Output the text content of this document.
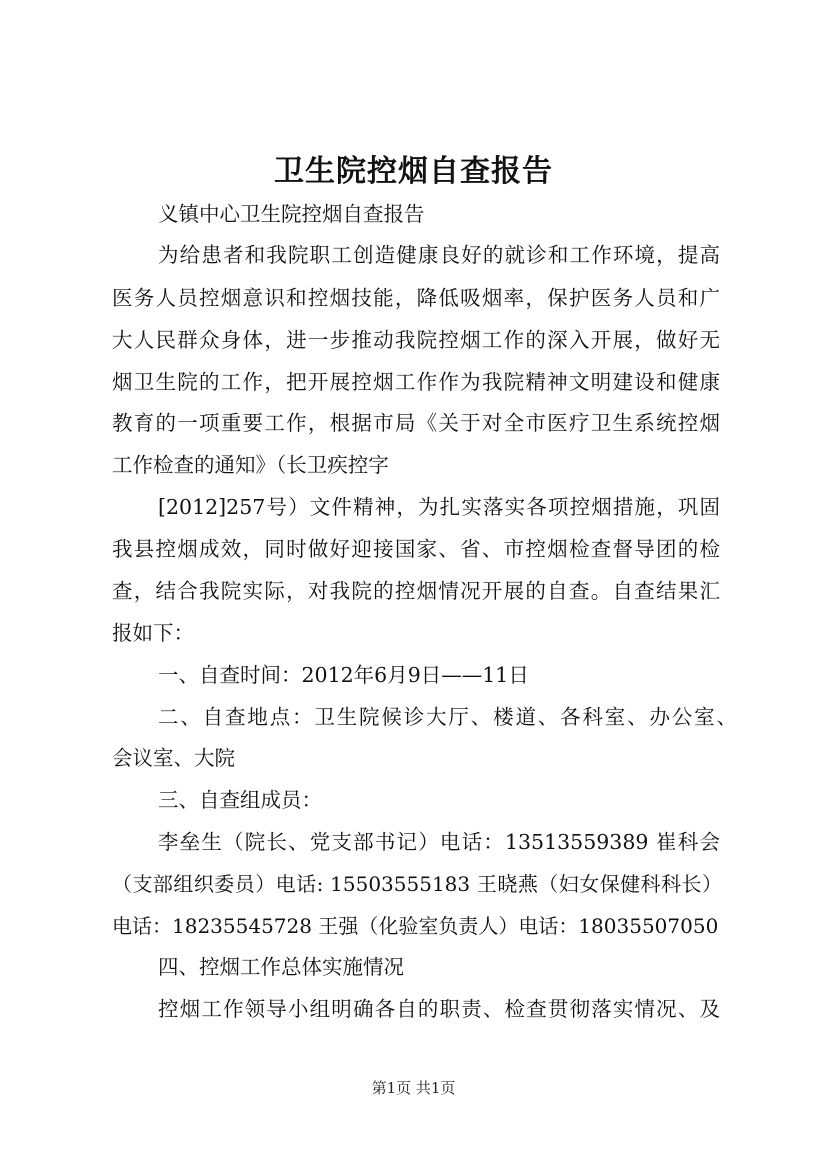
卫生院控烟自查报告
义镇中心卫生院控烟自查报告
为给患者和我院职工创造健康良好的就诊和工作环境，提高
医务人员控烟意识和控烟技能，降低吸烟率，保护医务人员和广
大人民群众身体，进一步推动我院控烟工作的深入开展，做好无
烟卫生院的工作，把开展控烟工作作为我院精神文明建设和健康
教育的一项重要工作，根据市局《关于对全市医疗卫生系统控烟
工作检查的通知》（长卫疾控字
[2012]257号）文件精神，为扎实落实各项控烟措施，巩固
我县控烟成效，同时做好迎接国家、省、市控烟检查督导团的检
查，结合我院实际，对我院的控烟情况开展的自查。自查结果汇
报如下：
一、自查时间：2012年6月9日——11日
二、自查地点：卫生院候诊大厅、楼道、各科室、办公室、
会议室、大院
三、自查组成员：
李垒生（院长、党支部书记）电话：13513559389 崔科会
（支部组织委员）电话: 15503555183 王晓燕（妇女保健科科长）
电话：18235545728 王强（化验室负责人）电话：18035507050
四、控烟工作总体实施情况
控烟工作领导小组明确各自的职责、检查贯彻落实情况、及
第1页 共1页
